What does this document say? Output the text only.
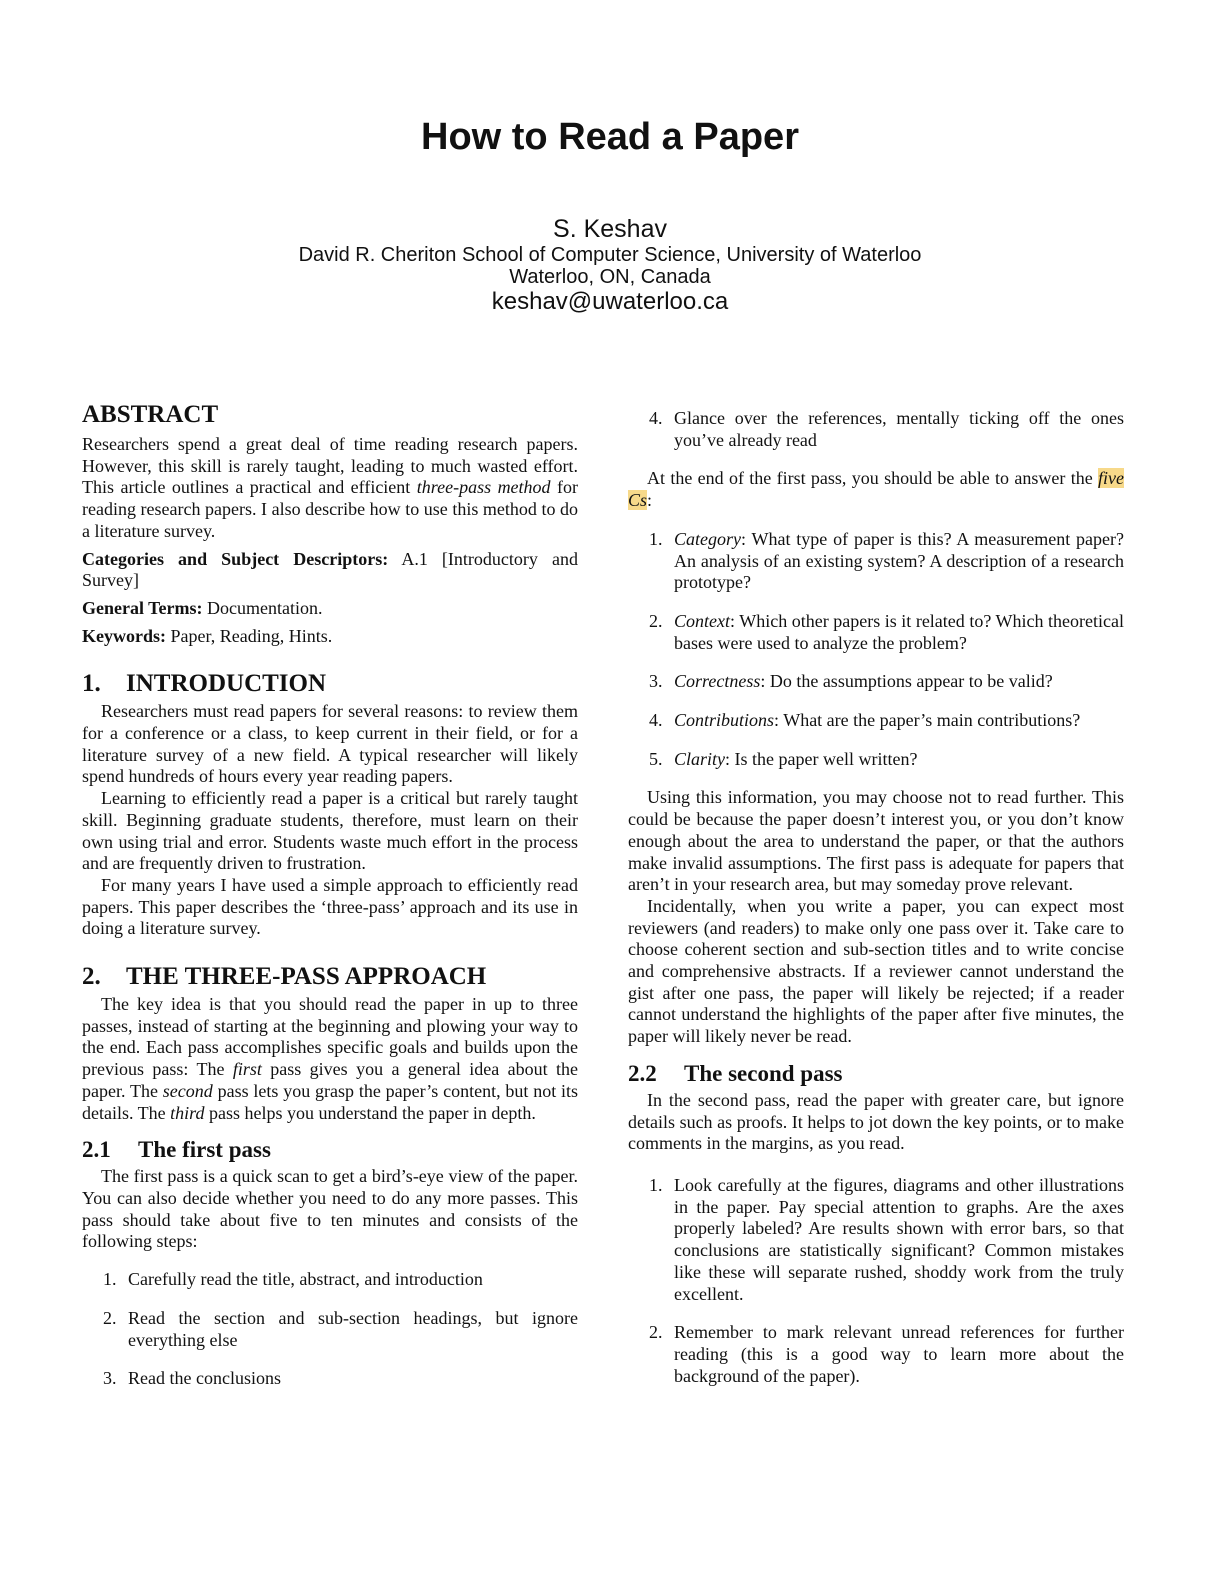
How to Read a Paper
S. Keshav
David R. Cheriton School of Computer Science, University of Waterloo
Waterloo, ON, Canada
keshav@uwaterloo.ca
ABSTRACT

Researchers spend a great deal of time reading research papers. However, this skill is rarely taught, leading to much wasted effort. This article outlines a practical and efficient three-pass method for reading research papers. I also describe how to use this method to do a literature survey.

Categories and Subject Descriptors: A.1 [Introductory and Survey]

General Terms: Documentation.

Keywords: Paper, Reading, Hints.

1. INTRODUCTION

Researchers must read papers for several reasons: to review them for a conference or a class, to keep current in their field, or for a literature survey of a new field. A typical researcher will likely spend hundreds of hours every year reading papers.

Learning to efficiently read a paper is a critical but rarely taught skill. Beginning graduate students, therefore, must learn on their own using trial and error. Students waste much effort in the process and are frequently driven to frustration.

For many years I have used a simple approach to efficiently read papers. This paper describes the ‘three-pass’ approach and its use in doing a literature survey.

2. THE THREE-PASS APPROACH

The key idea is that you should read the paper in up to three passes, instead of starting at the beginning and plowing your way to the end. Each pass accomplishes specific goals and builds upon the previous pass: The first pass gives you a general idea about the paper. The second pass lets you grasp the paper’s content, but not its details. The third pass helps you understand the paper in depth.

2.1 The first pass

The first pass is a quick scan to get a bird’s-eye view of the paper. You can also decide whether you need to do any more passes. This pass should take about five to ten minutes and consists of the following steps:

1. Carefully read the title, abstract, and introduction
2. Read the section and sub-section headings, but ignore everything else
3. Read the conclusions
4. Glance over the references, mentally ticking off the ones you’ve already read

At the end of the first pass, you should be able to answer the five Cs:

1. Category: What type of paper is this? A measurement paper? An analysis of an existing system? A description of a research prototype?
2. Context: Which other papers is it related to? Which theoretical bases were used to analyze the problem?
3. Correctness: Do the assumptions appear to be valid?
4. Contributions: What are the paper’s main contributions?
5. Clarity: Is the paper well written?

Using this information, you may choose not to read further. This could be because the paper doesn’t interest you, or you don’t know enough about the area to understand the paper, or that the authors make invalid assumptions. The first pass is adequate for papers that aren’t in your research area, but may someday prove relevant.

Incidentally, when you write a paper, you can expect most reviewers (and readers) to make only one pass over it. Take care to choose coherent section and sub-section titles and to write concise and comprehensive abstracts. If a reviewer cannot understand the gist after one pass, the paper will likely be rejected; if a reader cannot understand the highlights of the paper after five minutes, the paper will likely never be read.

2.2 The second pass

In the second pass, read the paper with greater care, but ignore details such as proofs. It helps to jot down the key points, or to make comments in the margins, as you read.

1. Look carefully at the figures, diagrams and other illustrations in the paper. Pay special attention to graphs. Are the axes properly labeled? Are results shown with error bars, so that conclusions are statistically significant? Common mistakes like these will separate rushed, shoddy work from the truly excellent.
2. Remember to mark relevant unread references for further reading (this is a good way to learn more about the background of the paper).
